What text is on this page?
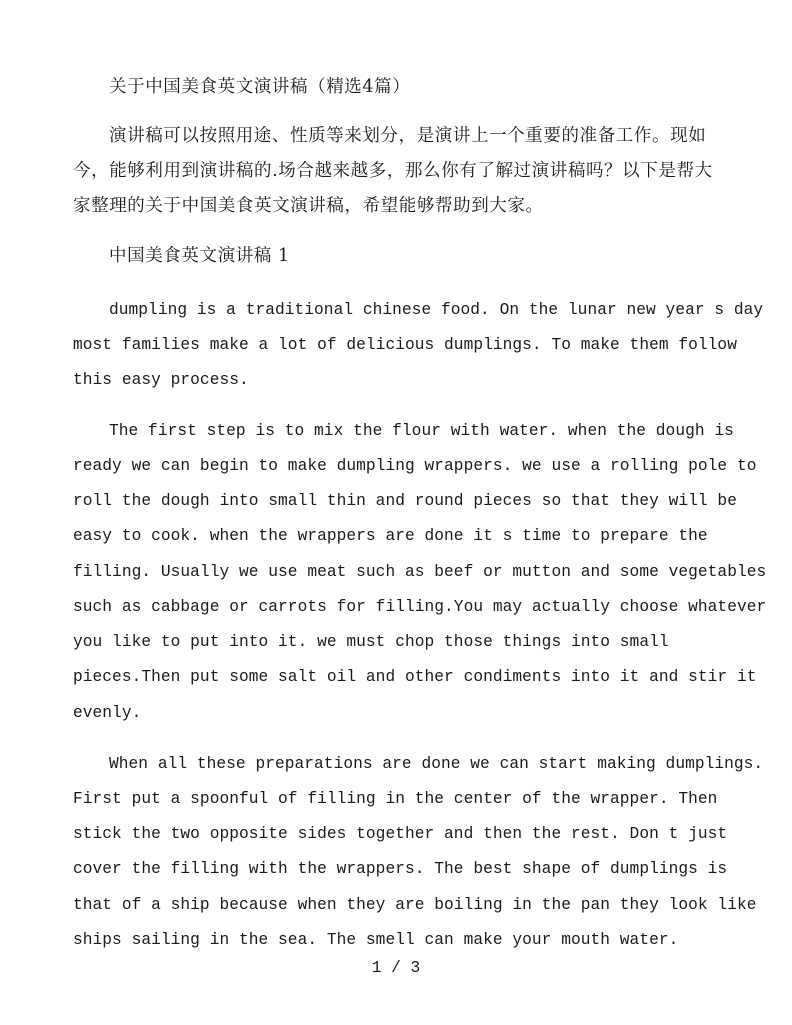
关于中国美食英文演讲稿（精选4篇）
演讲稿可以按照用途、性质等来划分，是演讲上一个重要的准备工作。现如
今，能够利用到演讲稿的.场合越来越多，那么你有了解过演讲稿吗？以下是帮大
家整理的关于中国美食英文演讲稿，希望能够帮助到大家。
中国美食英文演讲稿 1
dumpling is a traditional chinese food. On the lunar new year s day
most families make a lot of delicious dumplings. To make them follow
this easy process.
The first step is to mix the flour with water. when the dough is
ready we can begin to make dumpling wrappers. we use a rolling pole to
roll the dough into small thin and round pieces so that they will be
easy to cook. when the wrappers are done it s time to prepare the
filling. Usually we use meat such as beef or mutton and some vegetables
such as cabbage or carrots for filling.You may actually choose whatever
you like to put into it. we must chop those things into small
pieces.Then put some salt oil and other condiments into it and stir it
evenly.
When all these preparations are done we can start making dumplings.
First put a spoonful of filling in the center of the wrapper. Then
stick the two opposite sides together and then the rest. Don t just
cover the filling with the wrappers. The best shape of dumplings is
that of a ship because when they are boiling in the pan they look like
ships sailing in the sea. The smell can make your mouth water.
1 / 3
